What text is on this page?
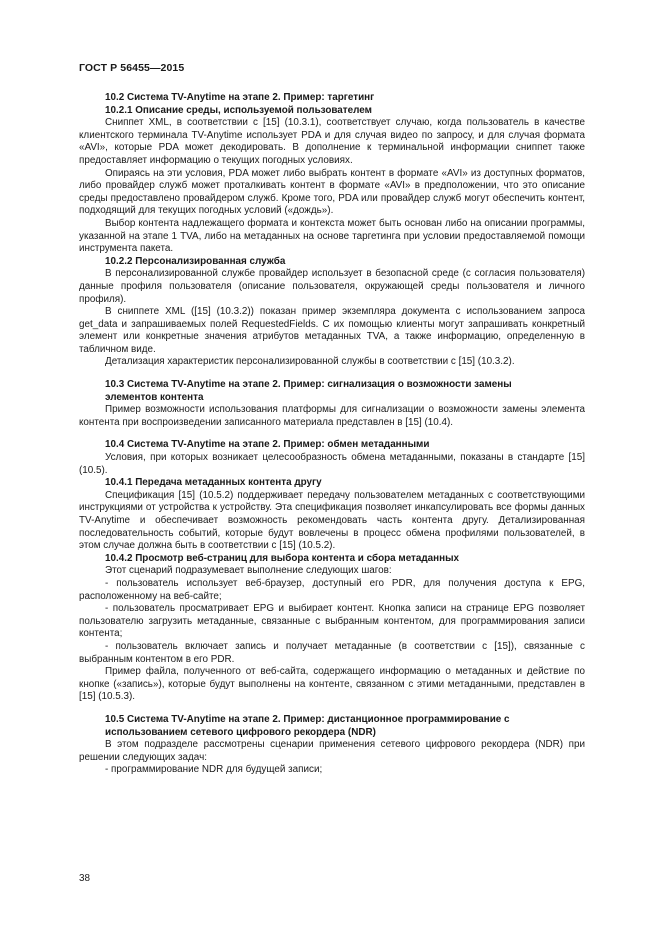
ГОСТ Р 56455—2015

10.2 Система TV-Anytime на этапе 2. Пример: таргетинг

10.2.1 Описание среды, используемой пользователем

Сниппет XML, в соответствии с [15] (10.3.1), соответствует случаю, когда пользователь в качестве клиентского терминала TV-Anytime использует PDA и для случая видео по запросу, и для случая формата «AVI», которые PDA может декодировать. В дополнение к терминальной информации сниппет также предоставляет информацию о текущих погодных условиях.

Опираясь на эти условия, PDA может либо выбрать контент в формате «AVI» из доступных форматов, либо провайдер служб может проталкивать контент в формате «AVI» в предположении, что это описание среды предоставлено провайдером служб. Кроме того, PDA или провайдер служб могут обеспечить контент, подходящий для текущих погодных условий («дождь»).

Выбор контента надлежащего формата и контекста может быть основан либо на описании программы, указанной на этапе 1 TVA, либо на метаданных на основе таргетинга при условии предоставляемой помощи инструмента пакета.

10.2.2 Персонализированная служба

В персонализированной службе провайдер использует в безопасной среде (с согласия пользователя) данные профиля пользователя (описание пользователя, окружающей среды пользователя и личного профиля).

В сниппете XML ([15] (10.3.2)) показан пример экземпляра документа с использованием запроса get_data и запрашиваемых полей RequestedFields. С их помощью клиенты могут запрашивать конкретный элемент или конкретные значения атрибутов метаданных TVA, а также информацию, определенную в табличном виде.

Детализация характеристик персонализированной службы в соответствии с [15] (10.3.2).

10.3 Система TV-Anytime на этапе 2. Пример: сигнализация о возможности замены элементов контента

Пример возможности использования платформы для сигнализации о возможности замены элемента контента при воспроизведении записанного материала представлен в [15] (10.4).

10.4 Система TV-Anytime на этапе 2. Пример: обмен метаданными

Условия, при которых возникает целесообразность обмена метаданными, показаны в стандарте [15] (10.5).

10.4.1 Передача метаданных контента другу

Спецификация [15] (10.5.2) поддерживает передачу пользователем метаданных с соответствующими инструкциями от устройства к устройству. Эта спецификация позволяет инкапсулировать все формы данных TV-Anytime и обеспечивает возможность рекомендовать часть контента другу. Детализированная последовательность событий, которые будут вовлечены в процесс обмена профилями пользователей, в этом случае должна быть в соответствии с [15] (10.5.2).

10.4.2 Просмотр веб-страниц для выбора контента и сбора метаданных

Этот сценарий подразумевает выполнение следующих шагов:

- пользователь использует веб-браузер, доступный его PDR, для получения доступа к EPG, расположенному на веб-сайте;

- пользователь просматривает EPG и выбирает контент. Кнопка записи на странице EPG позволяет пользователю загрузить метаданные, связанные с выбранным контентом, для программирования записи контента;

- пользователь включает запись и получает метаданные (в соответствии с [15]), связанные с выбранным контентом в его PDR.

Пример файла, полученного от веб-сайта, содержащего информацию о метаданных и действие по кнопке («запись»), которые будут выполнены на контенте, связанном с этими метаданными, представлен в [15] (10.5.3).

10.5 Система TV-Anytime на этапе 2. Пример: дистанционное программирование с использованием сетевого цифрового рекордера (NDR)

В этом подразделе рассмотрены сценарии применения сетевого цифрового рекордера (NDR) при решении следующих задач:

- программирование NDR для будущей записи;

38
